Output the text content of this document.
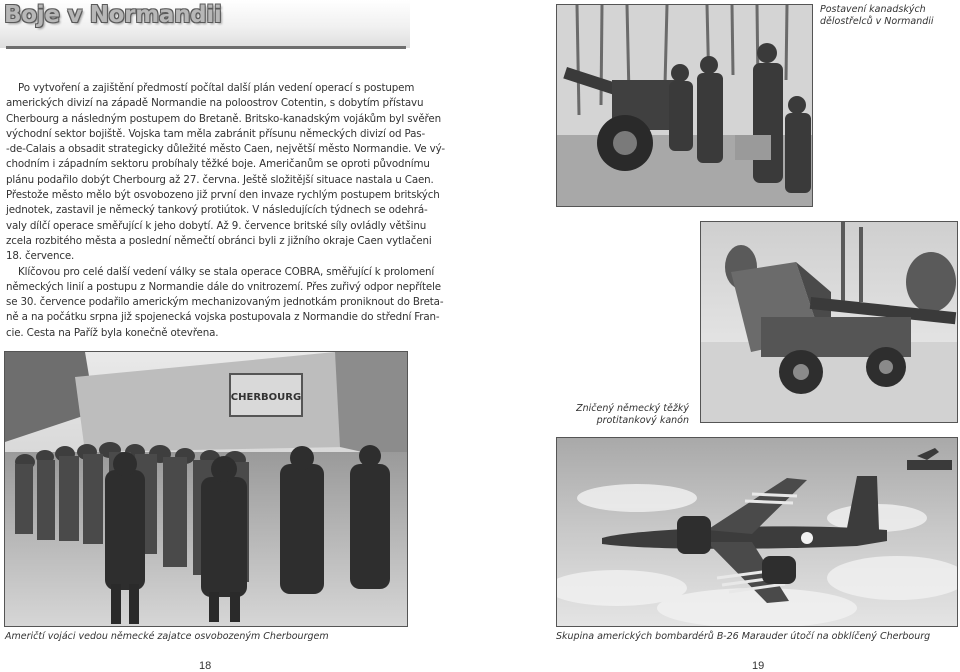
Boje v Normandii
Po vytvoření a zajištění předmostí počítal další plán vedení operací s postupem
amerických divizí na západě Normandie na poloostrov Cotentin, s dobytím přístavu
Cherbourg a následným postupem do Bretaně. Britsko-kanadským vojákům byl svěřen
východní sektor bojiště. Vojska tam měla zabránit přísunu německých divizí od Pas-
-de-Calais a obsadit strategicky důležité město Caen, největší město Normandie. Ve vý-
chodním i západním sektoru probíhaly těžké boje. Američanům se oproti původnímu
plánu podařilo dobýt Cherbourg až 27. června. Ještě složitější situace nastala u Caen.
Přestože město mělo být osvobozeno již první den invaze rychlým postupem britských
jednotek, zastavil je německý tankový protiútok. V následujících týdnech se odehrá-
valy dílčí operace směřující k jeho dobytí. Až 9. července britské síly ovládly většinu
zcela rozbitého města a poslední němečtí obránci byli z jižního okraje Caen vytlačeni
18. července.
Klíčovou pro celé další vedení války se stala operace COBRA, směřující k prolomení
německých linií a postupu z Normandie dále do vnitrozemí. Přes zuřivý odpor nepřítele
se 30. července podařilo americkým mechanizovaným jednotkám proniknout do Breta-
ně a na počátku srpna již spojenecká vojska postupovala z Normandie do střední Fran-
cie. Cesta na Paříž byla konečně otevřena.
CHERBOURG
Američtí vojáci vedou německé zajatce osvobozeným Cherbourgem
18
Postavení kanadských dělostřelců v Normandii
Zničený německý těžký protitankový kanón
Skupina amerických bombardérů B-26 Marauder útočí na obklíčený Cherbourg
19
